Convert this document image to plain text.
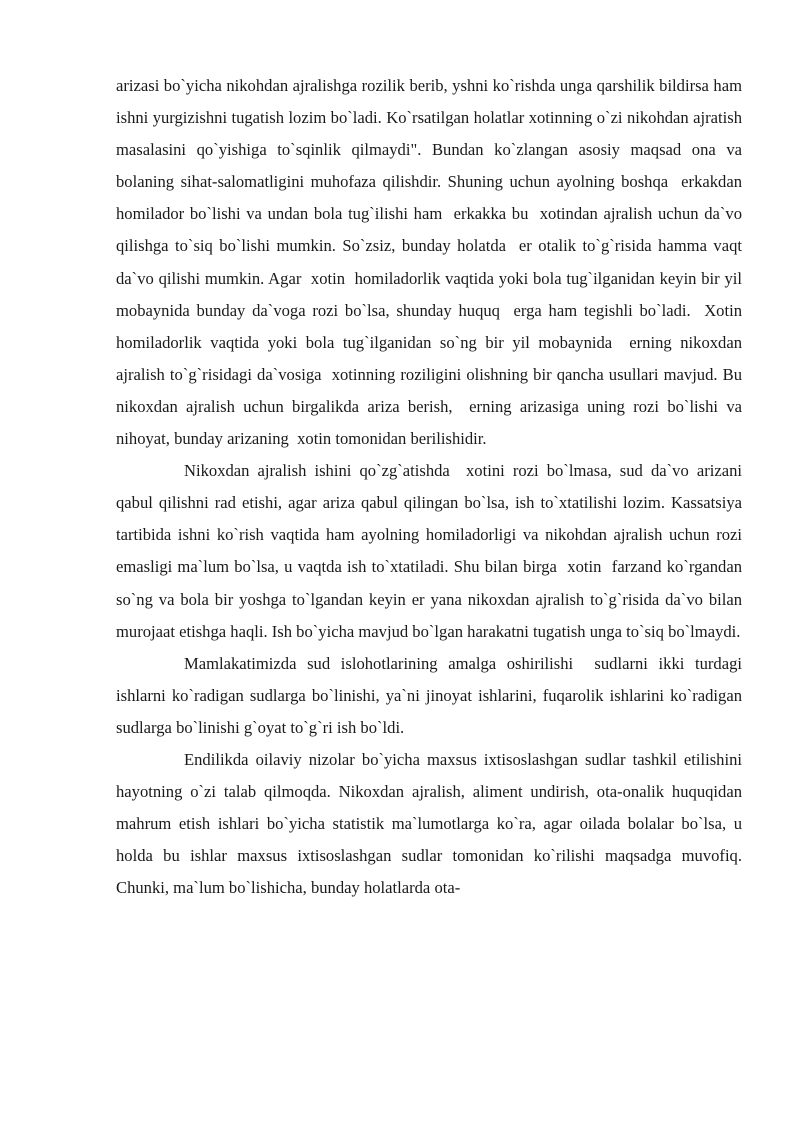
arizasi bo`yicha nikohdan ajralishga rozilik berib, yshni ko`rishda unga qarshilik bildirsa ham ishni yurgizishni tugatish lozim bo`ladi. Ko`rsatilgan holatlar xotinning o`zi nikohdan ajratish masalasini qo`yishiga to`sqinlik qilmaydi". Bundan ko`zlangan asosiy maqsad ona va bolaning sihat-salomatligini muhofaza qilishdir. Shuning uchun ayolning boshqa  erkakdan homilador bo`lishi va undan bola tug`ilishi ham  erkakka bu  xotindan ajralish uchun da`vo qilishga to`siq bo`lishi mumkin. So`zsiz, bunday holatda  er otalik to`g`risida hamma vaqt da`vo qilishi mumkin. Agar  xotin  homiladorlik vaqtida yoki bola tug`ilganidan keyin bir yil mobaynida bunday da`voga rozi bo`lsa, shunday huquq  erga ham tegishli bo`ladi.  Xotin  homiladorlik vaqtida yoki bola tug`ilganidan so`ng bir yil mobaynida  erning nikoxdan ajralish to`g`risidagi da`vosiga  xotinning roziligini olishning bir qancha usullari mavjud. Bu  nikoxdan ajralish uchun birgalikda ariza berish,  erning arizasiga uning rozi bo`lishi va nihoyat, bunday arizaning  xotin tomonidan berilishidir.

Nikoxdan ajralish ishini qo`zg`atishda  xotini rozi bo`lmasa, sud da`vo arizani qabul qilishni rad etishi, agar ariza qabul qilingan bo`lsa, ish to`xtatilishi lozim. Kassatsiya tartibida ishni ko`rish vaqtida ham ayolning homiladorligi va nikohdan ajralish uchun rozi emasligi ma`lum bo`lsa, u vaqtda ish to`xtatiladi. Shu bilan birga  xotin  farzand ko`rgandan so`ng va bola bir yoshga to`lgandan keyin er yana nikoxdan ajralish to`g`risida da`vo bilan murojaat etishga haqli. Ish bo`yicha mavjud bo`lgan harakatni tugatish unga to`siq bo`lmaydi.

Mamlakatimizda sud islohotlarining amalga oshirilishi  sudlarni ikki turdagi ishlarni ko`radigan sudlarga bo`linishi, ya`ni jinoyat ishlarini, fuqarolik ishlarini ko`radigan sudlarga bo`linishi g`oyat to`g`ri ish bo`ldi.

Endilikda oilaviy nizolar bo`yicha maxsus ixtisoslashgan sudlar tashkil etilishini hayotning o`zi talab qilmoqda. Nikoxdan ajralish, aliment undirish, ota-onalik huquqidan mahrum etish ishlari bo`yicha statistik ma`lumotlarga ko`ra, agar oilada bolalar bo`lsa, u holda bu ishlar maxsus ixtisoslashgan sudlar tomonidan ko`rilishi maqsadga muvofiq. Chunki, ma`lum bo`lishicha, bunday holatlarda ota-
